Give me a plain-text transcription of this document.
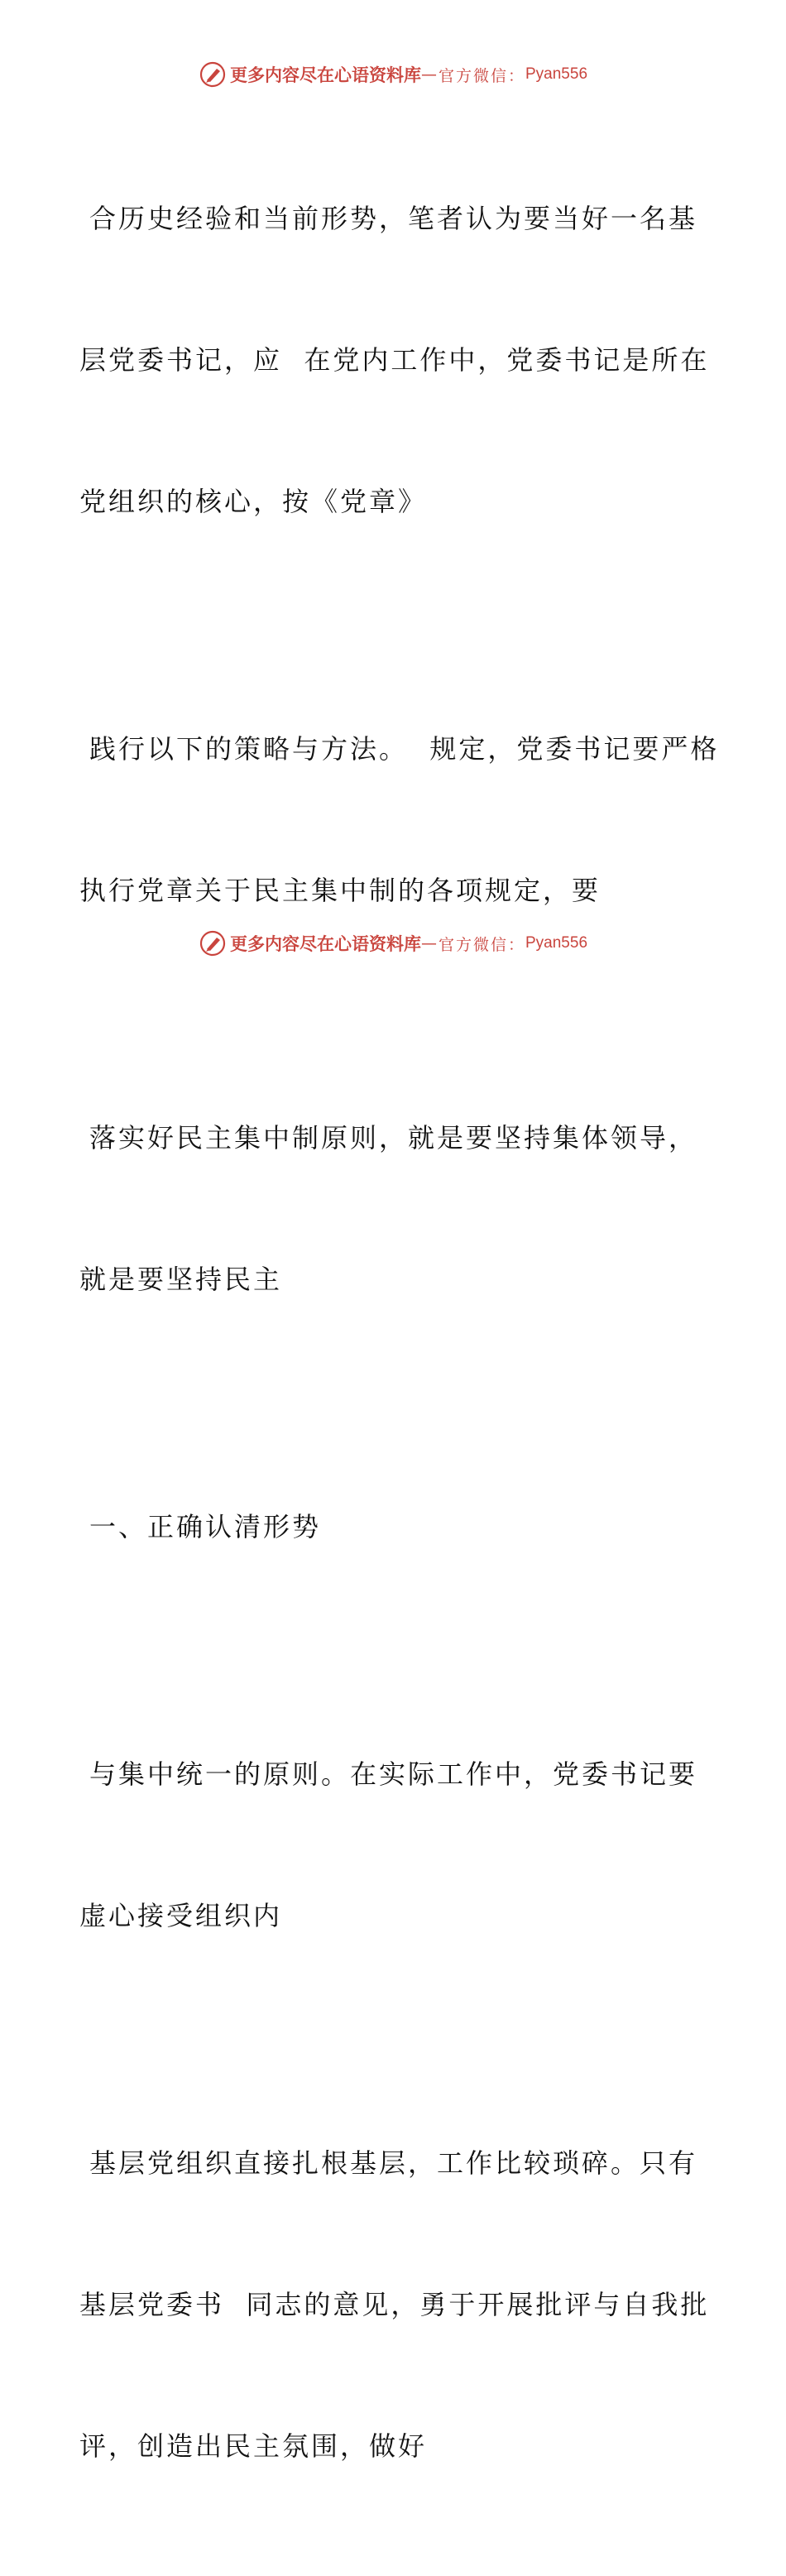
更多内容尽在心语资料库 — 官方微信： Pyan556

合历史经验和当前形势，笔者认为要当好一名基

层党委书记，应  在党内工作中，党委书记是所在

党组织的核心，按《党章》

践行以下的策略与方法。  规定，党委书记要严格

执行党章关于民主集中制的各项规定，要

落实好民主集中制原则，就是要坚持集体领导，

就是要坚持民主

一、正确认清形势

与集中统一的原则。在实际工作中，党委书记要

虚心接受组织内

基层党组织直接扎根基层，工作比较琐碎。只有

基层党委书  同志的意见，勇于开展批评与自我批

评，创造出民主氛围，做好

更多内容尽在心语资料库 — 官方微信： Pyan556
